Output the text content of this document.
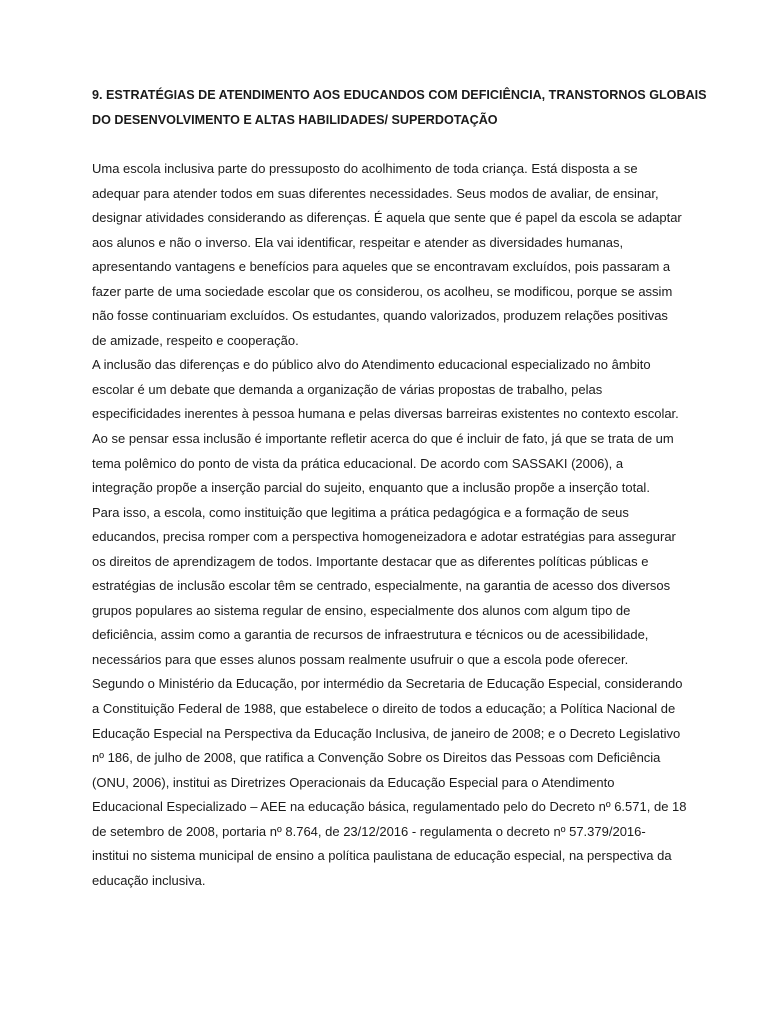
9. ESTRATÉGIAS DE ATENDIMENTO AOS EDUCANDOS COM DEFICIÊNCIA, TRANSTORNOS GLOBAIS
DO DESENVOLVIMENTO E ALTAS HABILIDADES/ SUPERDOTAÇÃO
Uma escola inclusiva parte do pressuposto do acolhimento de toda criança. Está disposta a se
adequar para atender todos em suas diferentes necessidades. Seus modos de avaliar, de ensinar,
designar atividades considerando as diferenças. É aquela que sente que é papel da escola se adaptar
aos alunos e não o inverso. Ela vai identificar, respeitar e atender as diversidades humanas,
apresentando vantagens e benefícios para aqueles que se encontravam excluídos, pois passaram a
fazer parte de uma sociedade escolar que os considerou, os acolheu, se modificou, porque se assim
não fosse continuariam excluídos. Os estudantes, quando valorizados, produzem relações positivas
de amizade, respeito e cooperação.
A inclusão das diferenças e do público alvo do Atendimento educacional especializado no âmbito
escolar é um debate que demanda a organização de várias propostas de trabalho, pelas
especificidades inerentes à pessoa humana e pelas diversas barreiras existentes no contexto escolar.
Ao se pensar essa inclusão é importante refletir acerca do que é incluir de fato, já que se trata de um
tema polêmico do ponto de vista da prática educacional. De acordo com SASSAKI (2006), a
integração propõe a inserção parcial do sujeito, enquanto que a inclusão propõe a inserção total.
Para isso, a escola, como instituição que legitima a prática pedagógica e a formação de seus
educandos, precisa romper com a perspectiva homogeneizadora e adotar estratégias para assegurar
os direitos de aprendizagem de todos. Importante destacar que as diferentes políticas públicas e
estratégias de inclusão escolar têm se centrado, especialmente, na garantia de acesso dos diversos
grupos populares ao sistema regular de ensino, especialmente dos alunos com algum tipo de
deficiência, assim como a garantia de recursos de infraestrutura e técnicos ou de acessibilidade,
necessários para que esses alunos possam realmente usufruir o que a escola pode oferecer.
Segundo o Ministério da Educação, por intermédio da Secretaria de Educação Especial, considerando
a Constituição Federal de 1988, que estabelece o direito de todos a educação; a Política Nacional de
Educação Especial na Perspectiva da Educação Inclusiva, de janeiro de 2008; e o Decreto Legislativo
nº 186, de julho de 2008, que ratifica a Convenção Sobre os Direitos das Pessoas com Deficiência
(ONU, 2006), institui as Diretrizes Operacionais da Educação Especial para o Atendimento
Educacional Especializado – AEE na educação básica, regulamentado pelo do Decreto nº 6.571, de 18
de setembro de 2008, portaria nº 8.764, de 23/12/2016 - regulamenta o decreto nº 57.379/2016-
institui no sistema municipal de ensino a política paulistana de educação especial, na perspectiva da
educação inclusiva.
